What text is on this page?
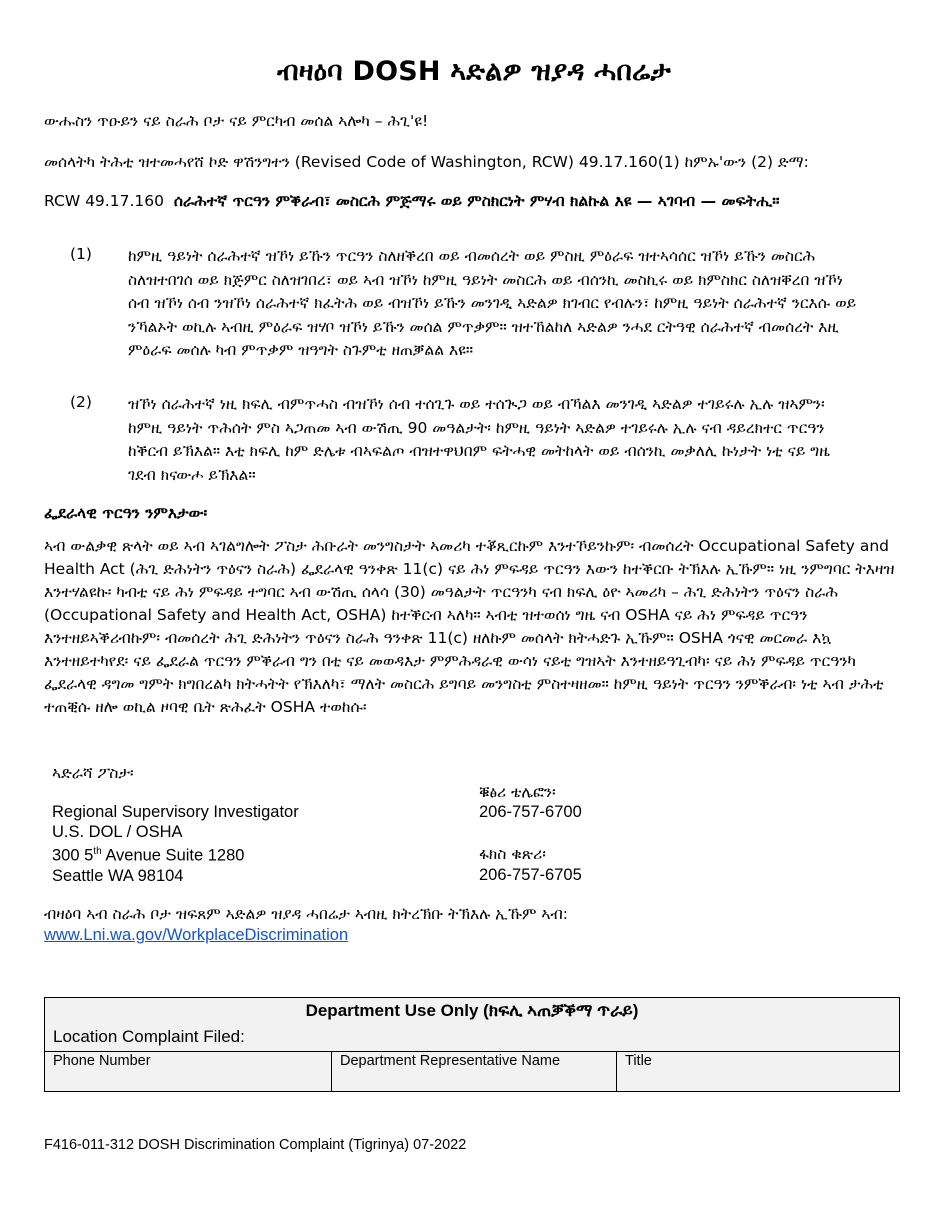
ብዛዕባ DOSH ኣድልዎ ዝያዳ ሓበሬታ
ውሑስን ጥዑይን ናይ ስራሕ ቦታ ናይ ምርካብ መሰል ኣሎካ – ሕጊ'ዩ!
መሰላትካ ትሕቲ ዝተመሓየሸ ኮድ ዋሽንግተን (Revised Code of Washington, RCW) 49.17.160(1) ከምኡ'ውን (2) ድማ:
RCW 49.17.160 ሰራሕተኛ ጥርዓን ምቕራብ፣ መስርሕ ምጅማሩ ወይ ምስክርነት ምሃብ ክልኩል እዩ — ኣገባብ — መፍትሒ።
(1) ከምዚ ዓይነት ሰራሕተኛ ዝኾነ ይኹን ጥርዓን ስለዘቕረበ ወይ ብመሰረት ወይ ምስዚ ምዕራፍ ዝተኣሳሰር ዝኾነ ይኹን መስርሕ ስለዝተበገሰ ወይ ክጅምር ስለዝገበረ፣ ወይ ኣብ ዝኾነ ከምዚ ዓይነት መስርሕ ወይ ብሰንኪ መስኪሩ ወይ ክምስክር ስለዝቐረበ ዝኾነ ሰብ ዝኾነ ሰብ ንዝኾነ ሰራሕተኛ ክፈትሕ ወይ ብዝኾነ ይኹን መንገዲ ኣድልዎ ክገብር የብሉን፣ ከምዚ ዓይነት ሰራሕተኛ ንርእሱ ወይ ንኻልኦት ወኪሉ ኣብዚ ምዕራፍ ዝሃቦ ዝኾነ ይኹን መሰል ምጥቃም። ዝተኸልከለ ኣድልዎ ንሓደ ርትዓዊ ሰራሕተኛ ብመሰረት እዚ ምዕራፍ መሰሉ ካብ ምጥቃም ዝዓግት ስጉምቲ ዘጠቓልል እዩ።
(2) ዝኾነ ሰራሕተኛ ነዚ ክፍሊ ብምጥሓስ ብዝኾነ ሰብ ተሰጊጉ ወይ ተሰጒጋ ወይ ብኻልእ መንገዲ ኣድልዎ ተገይሩሉ ኢሉ ዝኣምን፡ ከምዚ ዓይነት ጥሕሰት ምስ ኣጋጠመ ኣብ ውሽጢ 90 መዓልታት፡ ከምዚ ዓይነት ኣድልዎ ተገይሩሉ ኢሉ ናብ ዳይረክተር ጥርዓን ከቕርብ ይኽእል። እቲ ክፍሊ ከም ድሌቱ ብኣፍልጦ ብዝተዋህበም ፍትሓዊ መትከላት ወይ ብሰንኪ መቃለሊ ኩነታት ነቲ ናይ ግዜ ገደብ ክናውሖ ይኽእል።
ፌደራላዊ ጥርዓን ንምእታው፡
ኣብ ውልቃዊ ጽላት ወይ ኣብ ኣገልግሎት ፖስታ ሕቡራት መንግስታት ኣመሪካ ተቖጺርኩም እንተኾይንኩም፡ ብመሰረት Occupational Safety and Health Act (ሕጊ ድሕነትን ጥዕናን ስራሕ) ፌደራላዊ ዓንቀጽ 11(c) ናይ ሕነ ምፍዳይ ጥርዓን እውን ከተቕርቡ ትኽእሉ ኢኹም። ነዚ ንምግባር ትእዛዝ እንተሃልዩኩ፡ ካብቲ ናይ ሕነ ምፍዳይ ተግባር ኣብ ውሽጢ ሰላሳ (30) መዓልታት ጥርዓንካ ናብ ክፍሊ ዕዮ ኣመሪካ – ሕጊ ድሕነትን ጥዕናን ስራሕ (Occupational Safety and Health Act, OSHA) ከተቕርብ ኣለካ። ኣብቲ ዝተወሰነ ግዜ ናብ OSHA ናይ ሕነ ምፍዳይ ጥርዓን እንተዘይኣቕሪብኩም፡ ብመሰረት ሕጊ ድሕነትን ጥዕናን ስራሕ ዓንቀጽ 11(c) ዘለኩም መሰላት ክትሓድጉ ኢኹም። OSHA ጎናዊ መርመራ እኳ እንተዘይተካየደ፡ ናይ ፌደራል ጥርዓን ምቕራብ ግን በቲ ናይ መወዳእታ ምምሕዳራዊ ውሳነ ናይቲ ግዝኣት እንተዘይዓጊብካ፡ ናይ ሕነ ምፍዳይ ጥርዓንካ ፌደራላዊ ዳግመ ግምት ክግበረልካ ክትሓትት የኽእለካ፣ ማለት መስርሕ ይግባይ መንግስቲ ምስተዛዘመ። ከምዚ ዓይነት ጥርዓን ንምቕራብ፡ ነቲ ኣብ ታሕቲ ተጠቒሱ ዘሎ ወኪል ዞባዊ ቤት ጽሕፈት OSHA ተወከሱ፡
ኣድራሻ ፖስታ፡
Regional Supervisory Investigator
U.S. DOL / OSHA
300 5th Avenue Suite 1280
Seattle WA 98104
ቑፅሪ ቴሌፎን፡
206-757-6700
ፋክስ ቁጽሪ፡
206-757-6705
ብዛዕባ ኣብ ስራሕ ቦታ ዝፍጸም ኣድልዎ ዝያዳ ሓበሬታ ኣብዚ ክትረኽቡ ትኽእሉ ኢኹም ኣብ:
www.Lni.wa.gov/WorkplaceDiscrimination
Department Use Only (ክፍሊ ኣጠቓቕማ ጥራይ)
Location Complaint Filed:

Phone Number	Department Representative Name	Title
F416-011-312 DOSH Discrimination Complaint (Tigrinya) 07-2022
